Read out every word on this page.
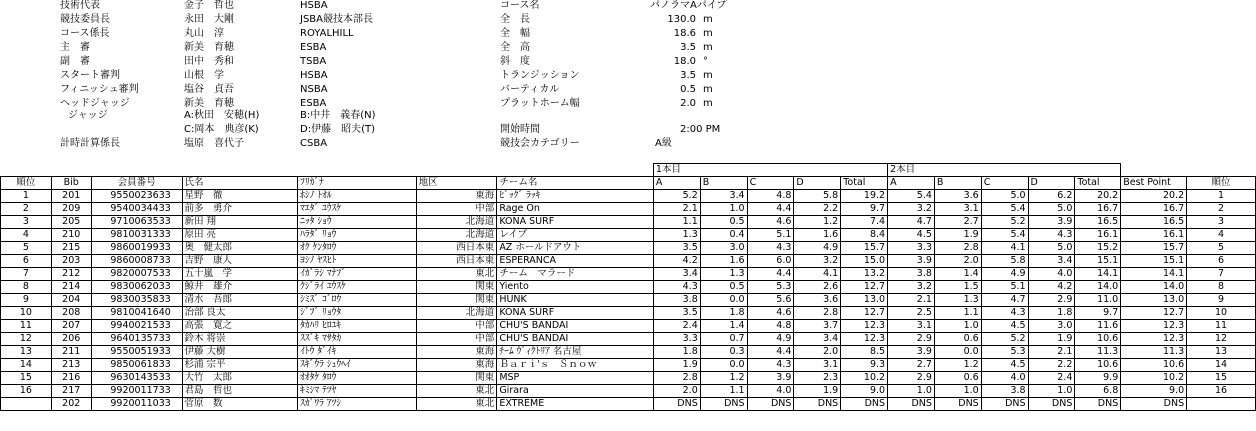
技術代表	金子　哲也	HSBA
競技委員長	永田　大剛	JSBA競技本部長
コース係長	丸山　淳	ROYALHILL
主　審	新美　育穂	ESBA
副　審	田中　秀和	TSBA
スタート審判	山根　学	HSBA
フィニッシュ審判	塩谷　貞吾	NSBA
ヘッドジャッジ	新美　育穂	ESBA
ジャッジ	A:秋田　安穂(H)	B:中井　義春(N)
C:岡本　典彦(K)	D:伊藤　昭夫(T)
計時計算係長	塩原　喜代子	CSBA
コース名	パノラマAパイプ
全　長	130.0 m
全　幅	18.6 m
全　高	3.5 m
斜　度	18.0 °
トランジッション	3.5 m
バーティカル	0.5 m
プラットホーム幅	2.0 m
開始時間	2:00 PM
競技会カテゴリー	A級
							1本目					2本目						
順位	Bib	会員番号	氏名	ﾌﾘｶﾞﾅ	地区	チーム名	A	B	C	D	Total	A	B	C	D	Total	Best Point	順位
1	201	9550023633	星野　徹	ﾎｼﾉ ﾄｵﾙ	東海	ﾋﾞｯｸﾞ ﾗｯｷ	5.2	3.4	4.8	5.8	19.2	5.4	3.6	5.0	6.2	20.2	20.2	1
2	209	9540034433	前多　勇介	ﾏｴﾀﾞ ﾕｳｽｹ	中部	Rage On	2.1	1.0	4.4	2.2	9.7	3.2	3.1	5.4	5.0	16.7	16.7	2
3	205	9710063533	新田 翔	ﾆｯﾀ ｼｮｳ	北海道	KONA SURF	1.1	0.5	4.6	1.2	7.4	4.7	2.7	5.2	3.9	16.5	16.5	3
4	210	9810031333	原田 亮	ﾊﾗﾀﾞ ﾘｮｳ	北海道	レイブ	1.3	0.4	5.1	1.6	8.4	4.5	1.9	5.4	4.3	16.1	16.1	4
5	215	9860019933	奥　健太郎	ｵｸ ｹﾝﾀﾛｳ	西日本東	AZ ホールドアウト	3.5	3.0	4.3	4.9	15.7	3.3	2.8	4.1	5.0	15.2	15.7	5
6	203	9860008733	吉野　康人	ﾖｼﾉ ﾔｽﾋﾄ	西日本東	ESPERANCA	4.2	1.6	6.0	3.2	15.0	3.9	2.0	5.8	3.4	15.1	15.1	6
7	212	9820007533	五十嵐　学	ｲｶﾞﾗｼ ﾏﾅﾌﾞ	東北	チーム　マラード	3.4	1.3	4.4	4.1	13.2	3.8	1.4	4.9	4.0	14.1	14.1	7
8	214	9830062033	鯨井　雄介	ｸｼﾞﾗｲ ﾕｳｽｹ	関東	Yiento	4.3	0.5	5.3	2.6	12.7	3.2	1.5	5.1	4.2	14.0	14.0	8
9	204	9830035833	清水　吾郎	ｼﾐｽﾞ ｺﾞﾛｳ	関東	HUNK	3.8	0.0	5.6	3.6	13.0	2.1	1.3	4.7	2.9	11.0	13.0	9
10	208	9810041640	治部 良太	ｼﾞﾌﾞ ﾘｮｳﾀ	北海道	KONA SURF	3.5	1.8	4.6	2.8	12.7	2.5	1.1	4.3	1.8	9.7	12.7	10
11	207	9940021533	高張　寛之	ﾀｶﾊﾘ ﾋﾛﾕｷ	中部	CHU'S BANDAI	2.4	1.4	4.8	3.7	12.3	3.1	1.0	4.5	3.0	11.6	12.3	11
12	206	9640135733	鈴木 将崇	ｽｽﾞｷ ﾏｻﾀｶ	中部	CHU'S BANDAI	3.3	0.7	4.9	3.4	12.3	2.9	0.6	5.2	1.9	10.6	12.3	12
13	211	9550051933	伊藤 大樹	ｲﾄｳ ﾀﾞｲｷ	東海	ﾁｰﾑ ｳﾞｨｸﾄﾘｱ 名古屋	1.8	0.3	4.4	2.0	8.5	3.9	0.0	5.3	2.1	11.3	11.3	13
14	213	9850061833	杉浦 宗平	ｽｷﾞｳﾗ ｼｭｳﾍｲ	東海	Ｂａｒｉ'ｓ　Ｓｎｏｗ	1.9	0.0	4.3	3.1	9.3	2.7	1.2	4.5	2.2	10.6	10.6	14
15	216	9630143533	大竹　太郎	ｵｵﾀｹ ﾀﾛｳ	関東	MSP	2.8	1.2	3.9	2.3	10.2	2.9	0.6	4.0	2.4	9.9	10.2	15
16	217	9920011733	君島　哲也	ｷﾐｼﾏ ﾃﾂﾔ	東北	Girara	2.0	1.1	4.0	1.9	9.0	1.0	1.0	3.8	1.0	6.8	9.0	16
	202	9920011033	菅原　数	ｽｶﾞﾜﾗ ｱﾂｼ	東北	EXTREME	DNS	DNS	DNS	DNS	DNS	DNS	DNS	DNS	DNS	DNS	DNS	
